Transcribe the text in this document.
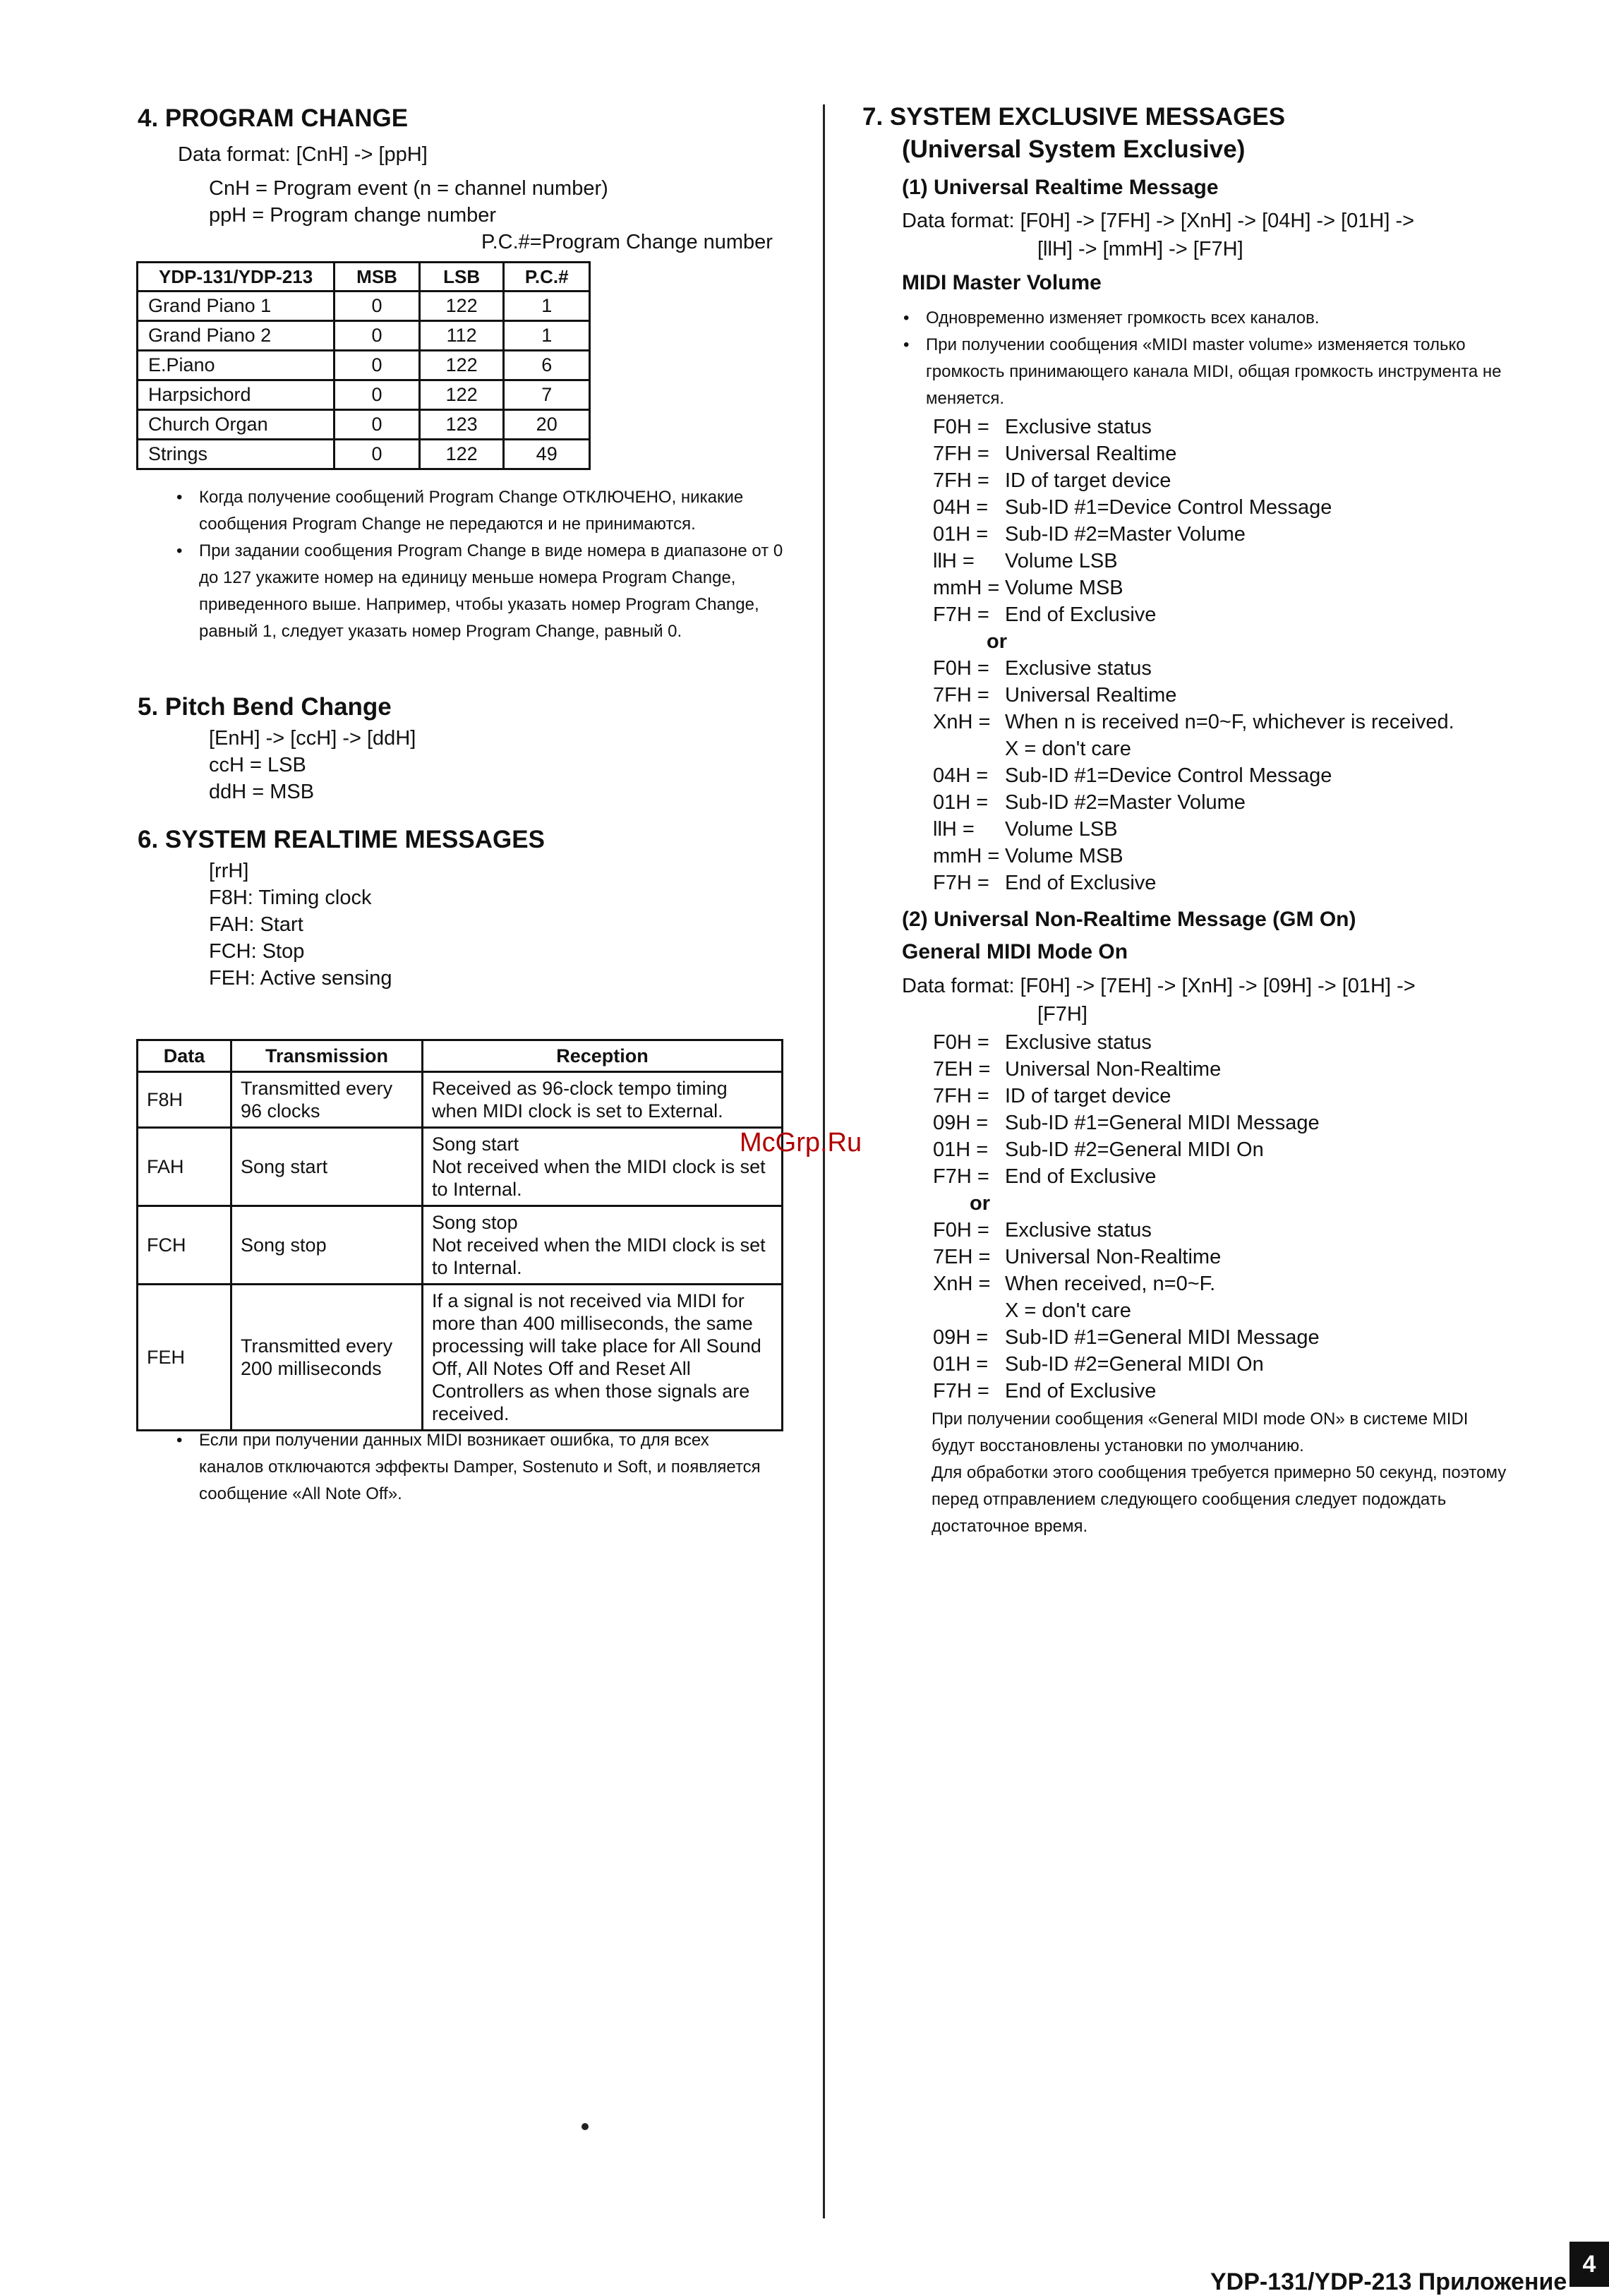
4. PROGRAM CHANGE
Data format: [CnH] -> [ppH]
CnH = Program event (n = channel number)
ppH = Program change number
P.C.#=Program Change number
YDP-131/YDP-213	MSB	LSB	P.C.#
Grand Piano 1	0	122	1
Grand Piano 2	0	112	1
E.Piano	0	122	6
Harpsichord	0	122	7
Church Organ	0	123	20
Strings	0	122	49
• Когда получение сообщений Program Change ОТКЛЮЧЕНО, никакие сообщения Program Change не передаются и не принимаются.
• При задании сообщения Program Change в виде номера в диапазоне от 0 до 127 укажите номер на единицу меньше номера Program Change, приведенного выше. Например, чтобы указать номер Program Change, равный 1, следует указать номер Program Change, равный 0.
5. Pitch Bend Change
[EnH] -> [ccH] -> [ddH]
ccH = LSB
ddH = MSB
6. SYSTEM REALTIME MESSAGES
[rrH]
F8H: Timing clock
FAH: Start
FCH: Stop
FEH: Active sensing
Data	Transmission	Reception
F8H	Transmitted every 96 clocks	Received as 96-clock tempo timing when MIDI clock is set to External.
FAH	Song start	Song start
Not received when the MIDI clock is set to Internal.
FCH	Song stop	Song stop
Not received when the MIDI clock is set to Internal.
FEH	Transmitted every 200 milliseconds	If a signal is not received via MIDI for more than 400 milliseconds, the same processing will take place for All Sound Off, All Notes Off and Reset All Controllers as when those signals are received.
• Если при получении данных MIDI возникает ошибка, то для всех каналов отключаются эффекты Damper, Sostenuto и Soft, и появляется сообщение «All Note Off».
7. SYSTEM EXCLUSIVE MESSAGES
(Universal System Exclusive)
(1) Universal Realtime Message
Data format: [F0H] -> [7FH] -> [XnH] -> [04H] -> [01H] ->
[llH] -> [mmH] -> [F7H]
MIDI Master Volume
• Одновременно изменяет громкость всех каналов.
• При получении сообщения «MIDI master volume» изменяется только громкость принимающего канала MIDI, общая громкость инструмента не меняется.
F0H = Exclusive status
7FH = Universal Realtime
7FH = ID of target device
04H = Sub-ID #1=Device Control Message
01H = Sub-ID #2=Master Volume
llH =	Volume LSB
mmH = Volume MSB
F7H = End of Exclusive
or
F0H = Exclusive status
7FH = Universal Realtime
XnH = When n is received n=0~F, whichever is received.
X = don't care
04H = Sub-ID #1=Device Control Message
01H = Sub-ID #2=Master Volume
llH =	Volume LSB
mmH = Volume MSB
F7H = End of Exclusive
(2) Universal Non-Realtime Message (GM On)
General MIDI Mode On
Data format: [F0H] -> [7EH] -> [XnH] -> [09H] -> [01H] ->
[F7H]
F0H = Exclusive status
7EH = Universal Non-Realtime
7FH = ID of target device
09H = Sub-ID #1=General MIDI Message
01H = Sub-ID #2=General MIDI On
F7H = End of Exclusive
or
F0H = Exclusive status
7EH = Universal Non-Realtime
XnH = When received, n=0~F.
X = don't care
09H = Sub-ID #1=General MIDI Message
01H = Sub-ID #2=General MIDI On
F7H = End of Exclusive

При получении сообщения «General MIDI mode ON» в системе MIDI будут восстановлены установки по умолчанию.

Для обработки этого сообщения требуется примерно 50 секунд, поэтому перед отправлением следующего сообщения следует подождать достаточное время.

McGrp.Ru
YDP-131/YDP-213 Приложение
4
